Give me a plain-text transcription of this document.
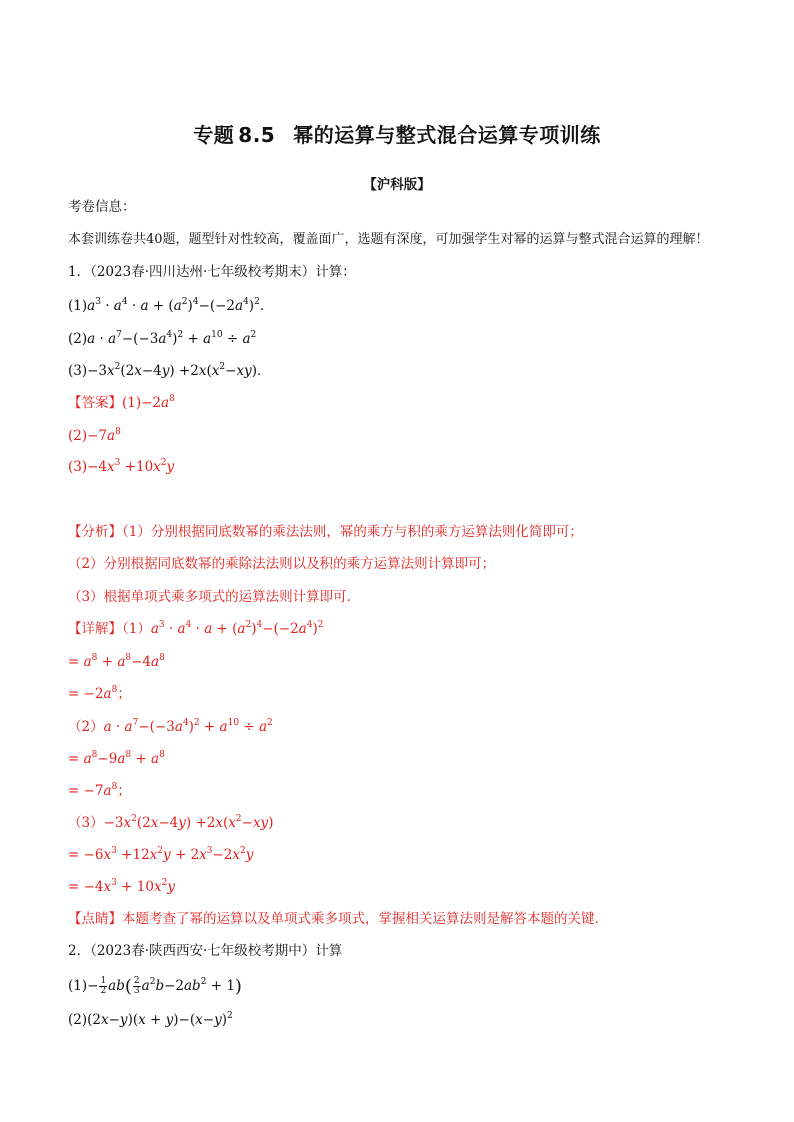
专题 8.5 幂的运算与整式混合运算专项训练
【沪科版】
考卷信息：
本套训练卷共40题，题型针对性较高，覆盖面广，选题有深度，可加强学生对幂的运算与整式混合运算的理解！
1．（2023春·四川达州·七年级校考期末）计算：
$(1)a^3 \cdot a^4 \cdot a + (a^2)^4-(-2a^4)^2$．
$(2)a \cdot a^7-(-3a^4)^2 + a^{10} \div a^2$
$(3)-3x^2(2x-4y) +2x(x^2-xy)$．
【答案】$(1)-2a^8$
$(2)-7a^8$
$(3)-4x^3 +10x^2y$
【分析】（1）分别根据同底数幂的乘法法则，幂的乘方与积的乘方运算法则化简即可；
（2）分别根据同底数幂的乘除法法则以及积的乘方运算法则计算即可；
（3）根据单项式乘多项式的运算法则计算即可．
【详解】$(1)a^3 \cdot a^4 \cdot a + (a^2)^4-(-2a^4)^2$
= $a^8 + a^8-4a^8$
= $-2a^8$；
$(2)a \cdot a^7-(-3a^4)^2 + a^{10} \div a^2$
= $a^8-9a^8 + a^8$
= $-7a^8$；
$(3)-3x^2(2x-4y) +2x(x^2-xy)$
= $-6x^3 +12x^2y + 2x^3-2x^2y$
= $-4x^3 + 10x^2y$
【点睛】本题考查了幂的运算以及单项式乘多项式，掌握相关运算法则是解答本题的关键．
2．（2023春·陕西西安·七年级校考期中）计算
$(1)- \frac{1}{2} ab( \frac{2}{3} a^2b-2ab^2 + 1)$
$(2)(2x-y)(x + y)-(x-y)^2$
